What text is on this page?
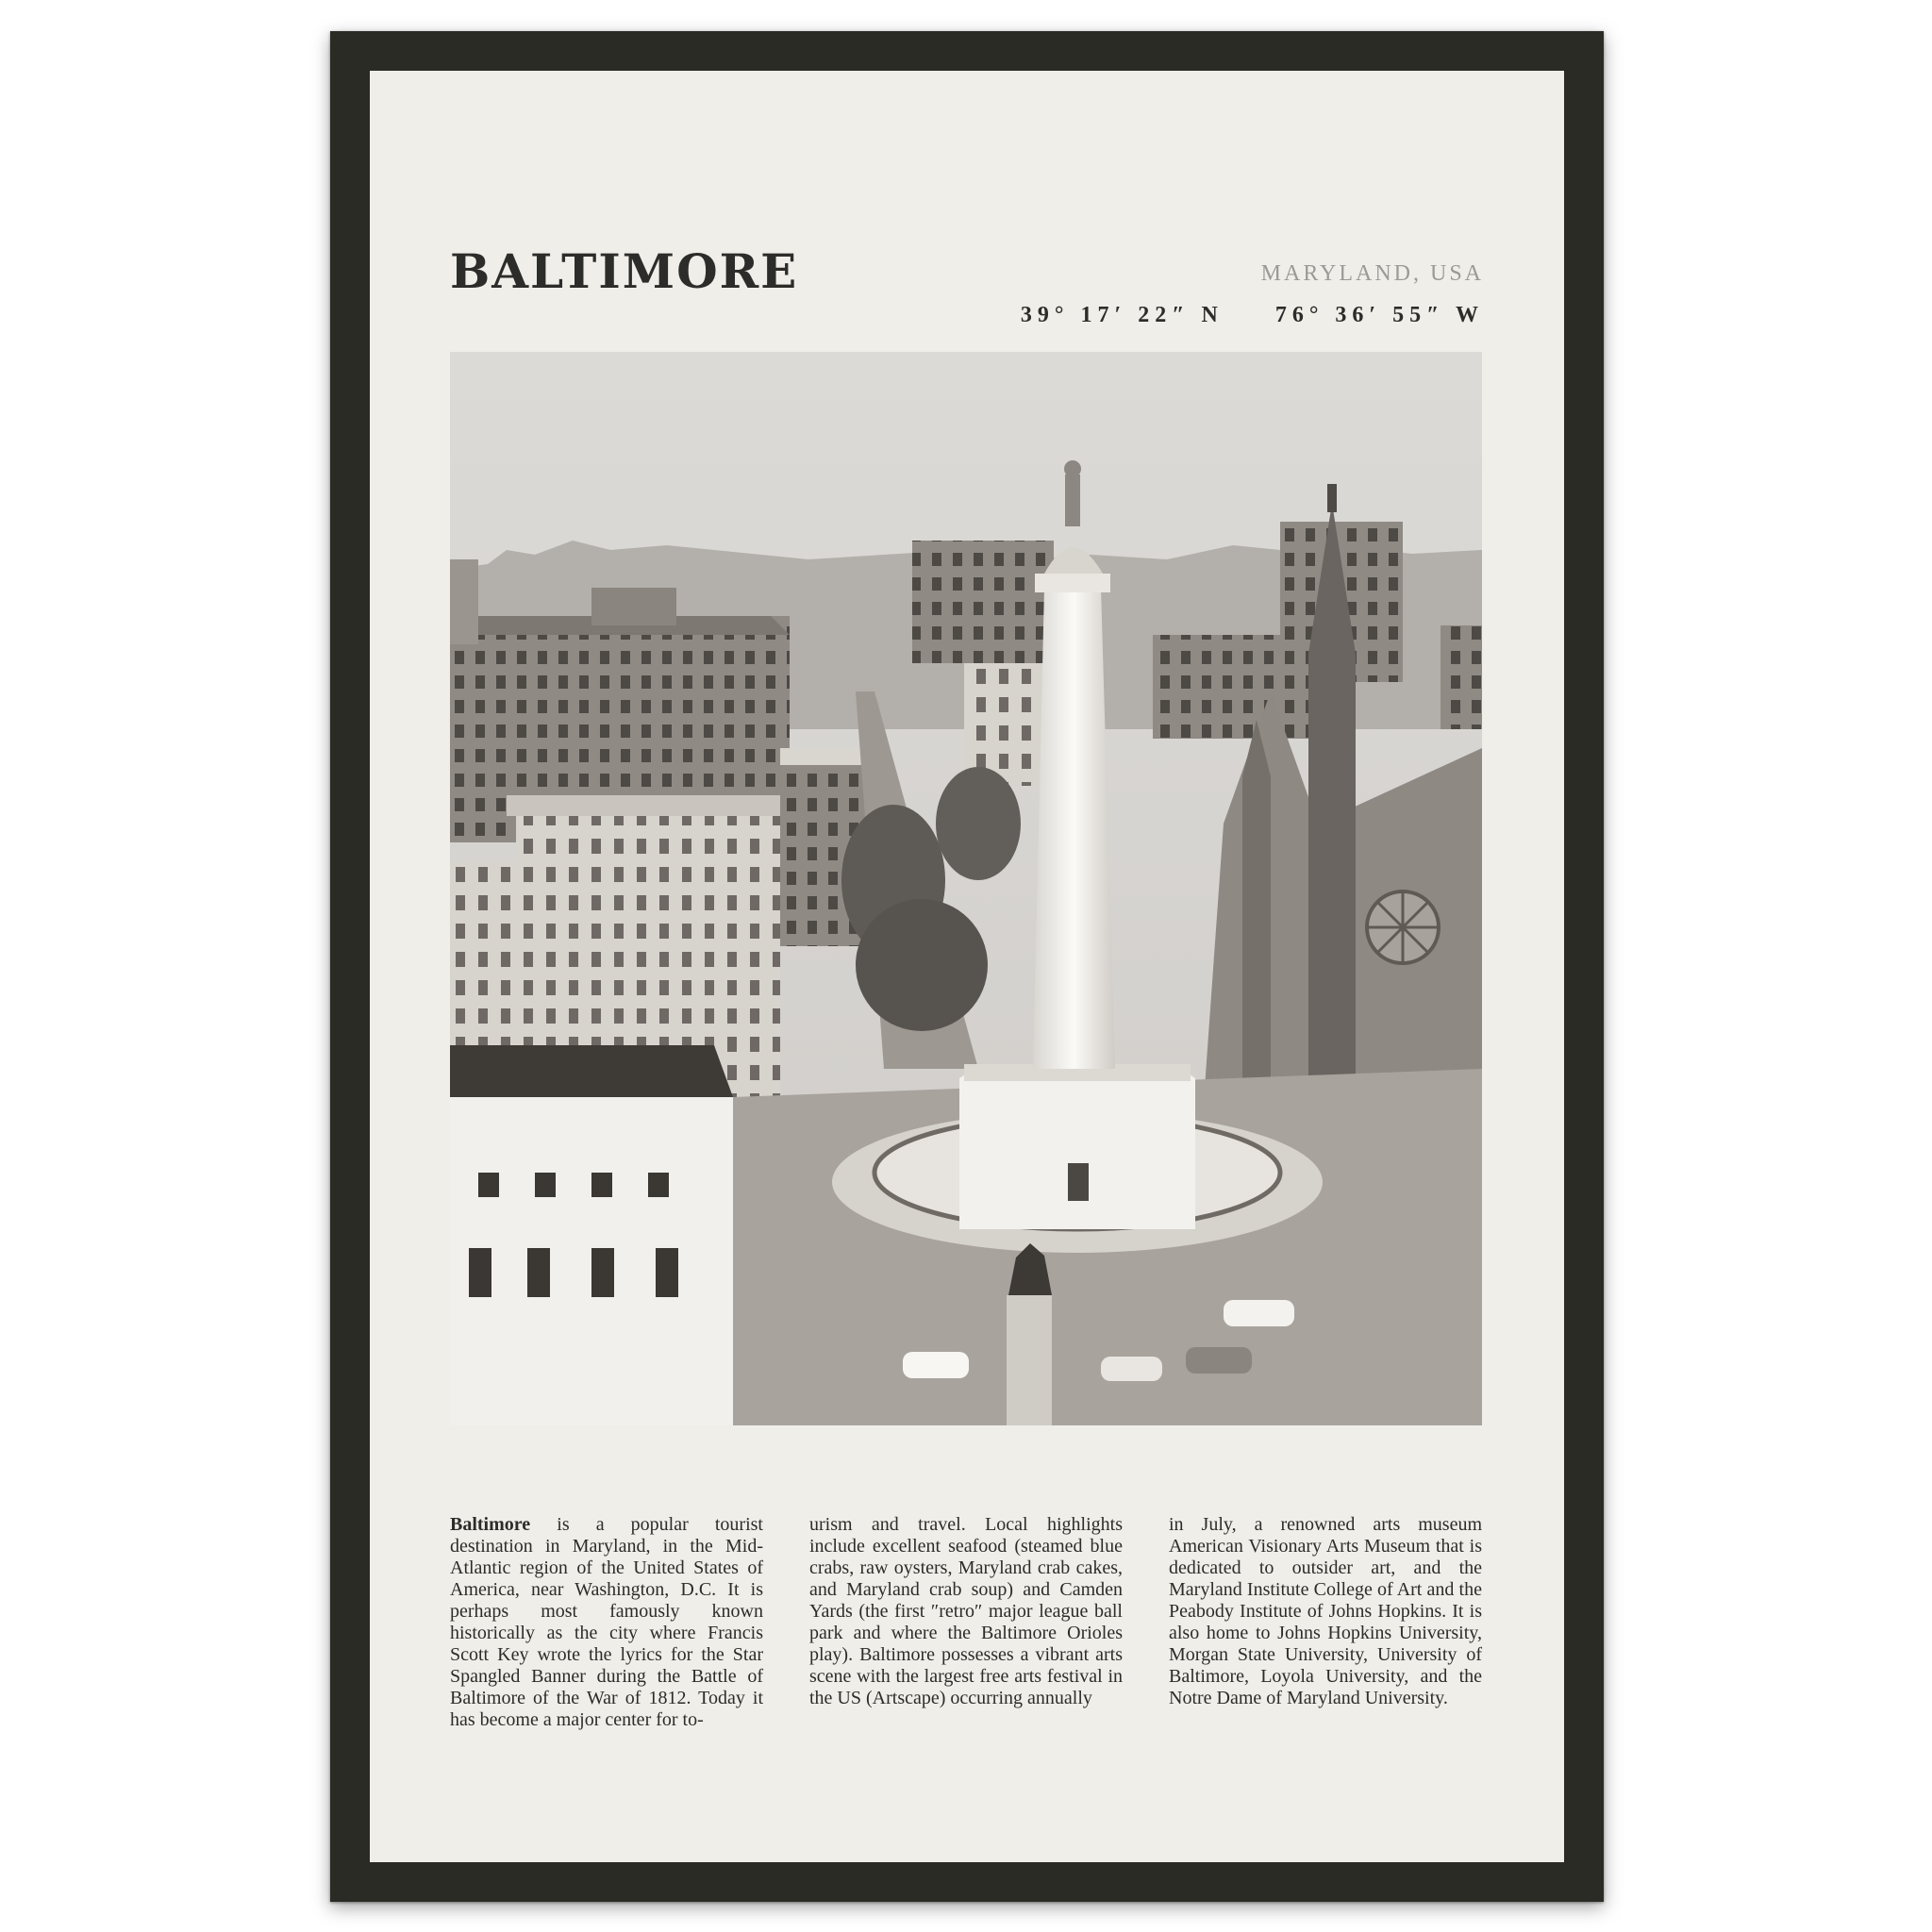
BALTIMORE	MARYLAND, USA
39° 17′ 22″ N 76° 36′ 55″ W
Baltimore is a popular tourist destination in Maryland, in the Mid-Atlantic region of the United States of America, near Washington, D.C. It is perhaps most famously known historically as the city where Francis Scott Key wrote the lyrics for the Star Spangled Banner during the Battle of Baltimore of the War of 1812. Today it has become a major center for to-
urism and travel. Local highlights include excellent seafood (steamed blue crabs, raw oysters, Maryland crab cakes, and Maryland crab soup) and Camden Yards (the first ″retro″ major league ball park and where the Baltimore Orioles play). Baltimore possesses a vibrant arts scene with the largest free arts festival in the US (Artscape) occurring annually
in July, a renowned arts museum American Visionary Arts Museum that is dedicated to outsider art, and the Maryland Institute College of Art and the Peabody Institute of Johns Hopkins. It is also home to Johns Hopkins University, Morgan State University, University of Baltimore, Loyola University, and the Notre Dame of Maryland University.
